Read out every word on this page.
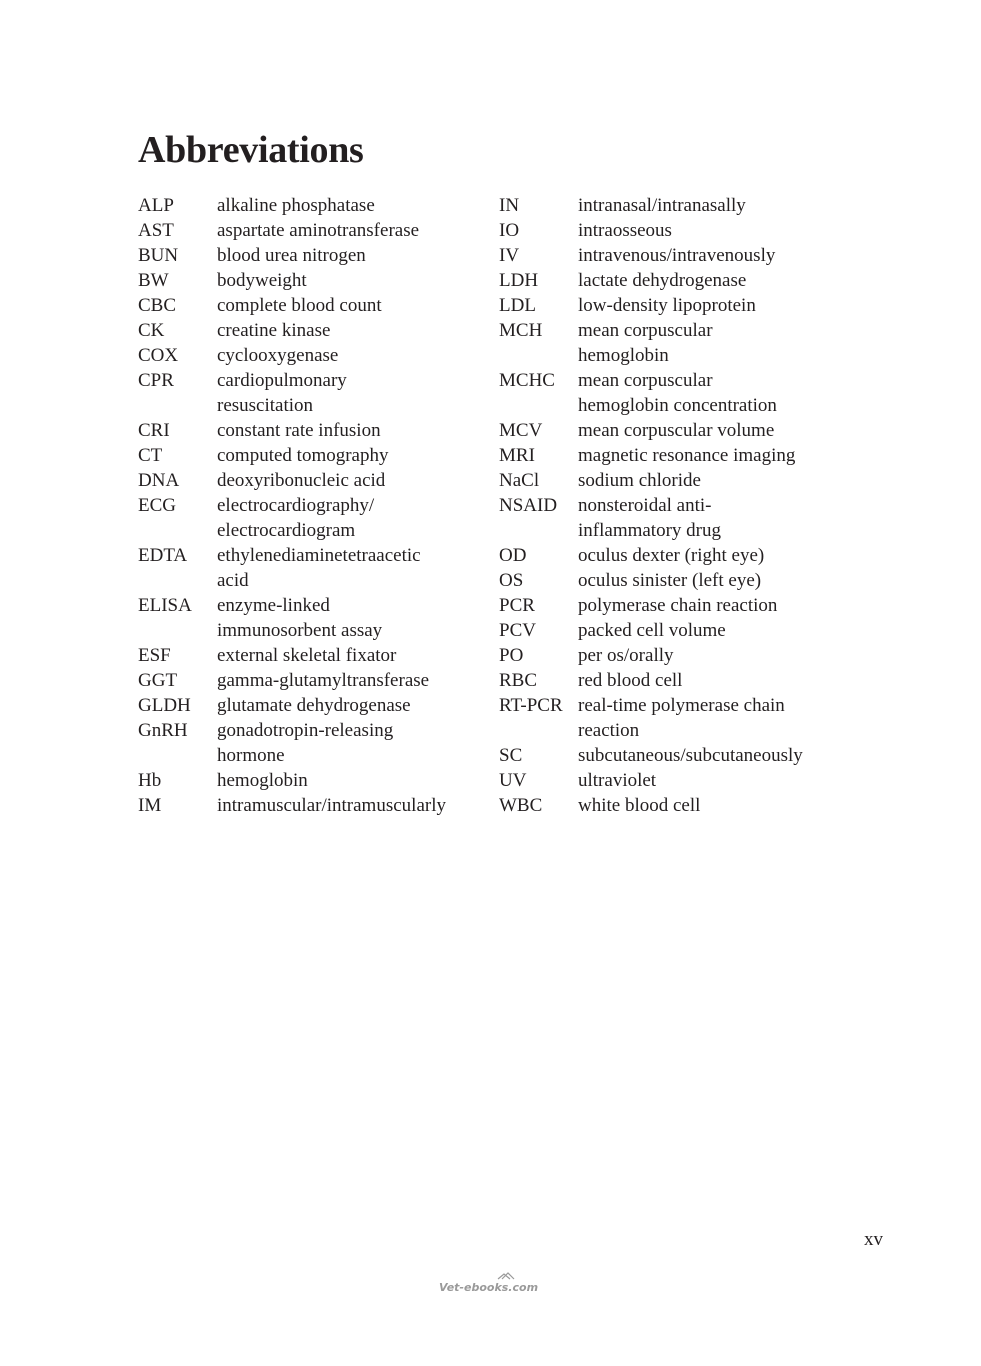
Abbreviations
ALP	alkaline phosphatase
AST	aspartate aminotransferase
BUN	blood urea nitrogen
BW	bodyweight
CBC	complete blood count
CK	creatine kinase
COX	cyclooxygenase
CPR	cardiopulmonary
resuscitation
CRI	constant rate infusion
CT	computed tomography
DNA	deoxyribonucleic acid
ECG	electrocardiography/
electrocardiogram
EDTA	ethylenediaminetetraacetic
acid
ELISA	enzyme-linked
immunosorbent assay
ESF	external skeletal fixator
GGT	gamma-glutamyltransferase
GLDH	glutamate dehydrogenase
GnRH	gonadotropin-releasing
hormone
Hb	hemoglobin
IM	intramuscular/intramuscularly
IN	intranasal/intranasally
IO	intraosseous
IV	intravenous/intravenously
LDH	lactate dehydrogenase
LDL	low-density lipoprotein
MCH	mean corpuscular
hemoglobin
MCHC	mean corpuscular
hemoglobin concentration
MCV	mean corpuscular volume
MRI	magnetic resonance imaging
NaCl	sodium chloride
NSAID	nonsteroidal anti-
inflammatory drug
OD	oculus dexter (right eye)
OS	oculus sinister (left eye)
PCR	polymerase chain reaction
PCV	packed cell volume
PO	per os/orally
RBC	red blood cell
RT-PCR real-time polymerase chain
reaction
SC	subcutaneous/subcutaneously
UV	ultraviolet
WBC	white blood cell
xv
Vet-ebooks.com
